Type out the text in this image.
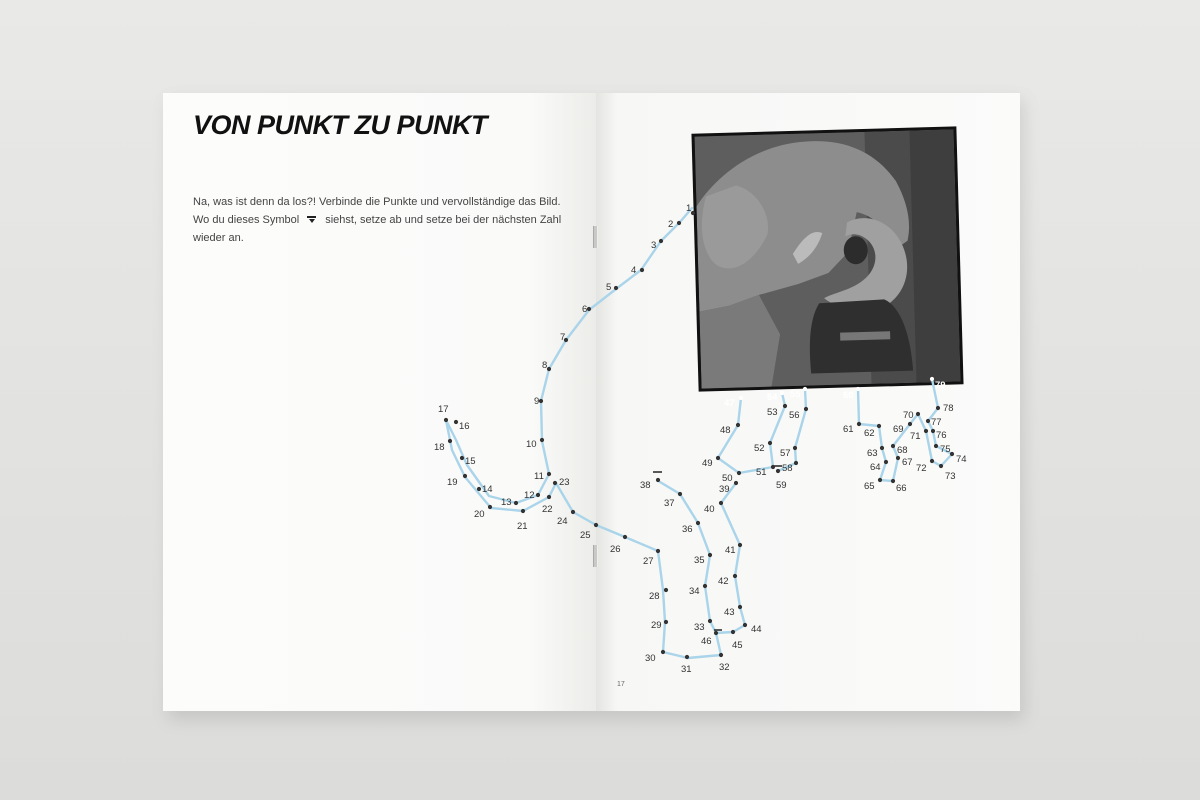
VON PUNKT ZU PUNKT
Na, was ist denn da los?! Verbinde die Punkte und vervollständige das Bild.
Wo du dieses Symbol siehst, setze ab und setze bei der nächsten Zahl
wieder an.
1
2
3
4
5
6
7
8
9
10
11
12
13
14
15
16
17
18
19
20
21
22
23
24
25
26
27
28
29
30
31	32
33
34
35
36
37
38	39
40
41
42
43
44
45
46
47
48
49
50
51
52
53
54 55
56
57
58
59
60
61 62
63
64
65 66
67
68
69
70
71
72
73
74
75
76
77
78
79
17
